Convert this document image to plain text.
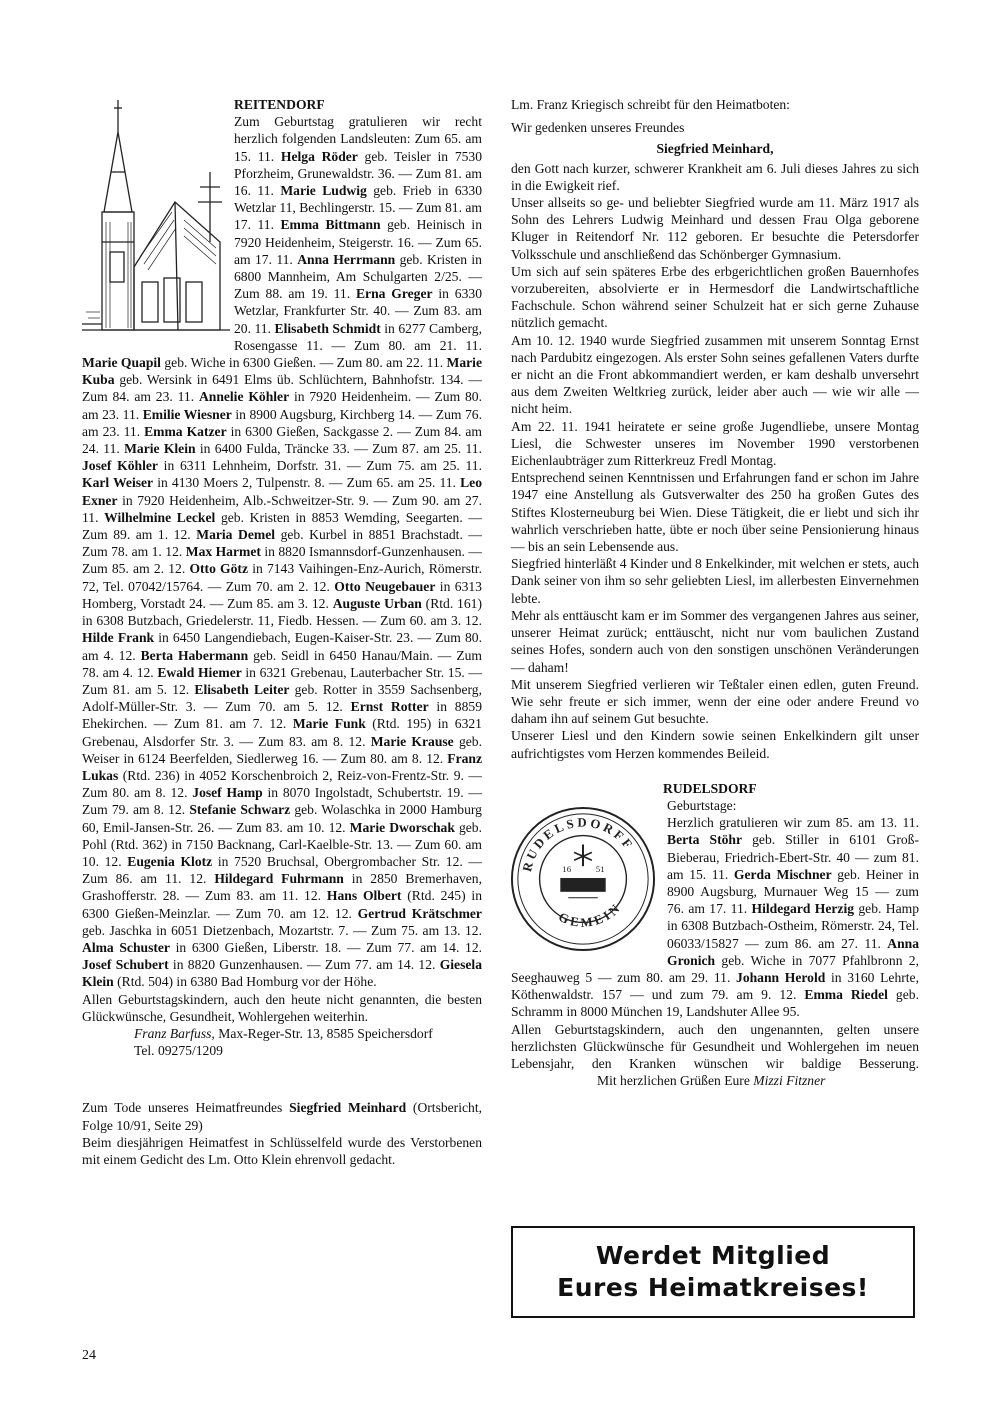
REITENDORF

Zum Geburtstag gratulieren wir recht herzlich folgenden Landsleuten: Zum 65. am 15. 11. Helga Röder geb. Teisler in 7530 Pforzheim, Grunewaldstr. 36. — Zum 81. am 16. 11. Marie Ludwig geb. Frieb in 6330 Wetzlar 11, Bechlingerstr. 15. — Zum 81. am 17. 11. Emma Bittmann geb. Heinisch in 7920 Heidenheim, Steigerstr. 16. — Zum 65. am 17. 11. Anna Herrmann geb. Kristen in 6800 Mannheim, Am Schulgarten 2/25. — Zum 88. am 19. 11. Erna Greger in 6330 Wetzlar, Frankfurter Str. 40. — Zum 83. am 20. 11. Elisabeth Schmidt in 6277 Camberg, Rosengasse 11. — Zum 80. am 21. 11. Marie Quapil geb. Wiche in 6300 Gießen. — Zum 80. am 22. 11. Marie Kuba geb. Wersink in 6491 Elms üb. Schlüchtern, Bahnhofstr. 134. — Zum 84. am 23. 11. Annelie Köhler in 7920 Heidenheim. — Zum 80. am 23. 11. Emilie Wiesner in 8900 Augsburg, Kirchberg 14. — Zum 76. am 23. 11. Emma Katzer in 6300 Gießen, Sackgasse 2. — Zum 84. am 24. 11. Marie Klein in 6400 Fulda, Tränckе 33. — Zum 87. am 25. 11. Josef Köhler in 6311 Lehnheim, Dorfstr. 31. — Zum 75. am 25. 11. Karl Weiser in 4130 Moers 2, Tulpenstr. 8. — Zum 65. am 25. 11. Leo Exner in 7920 Heidenheim, Alb.-Schweitzer-Str. 9. — Zum 90. am 27. 11. Wilhelmine Leckel geb. Kristen in 8853 Wemding, Seegarten. — Zum 89. am 1. 12. Maria Demel geb. Kurbel in 8851 Brachstadt. — Zum 78. am 1. 12. Max Harmet in 8820 Ismannsdorf-Gunzenhausen. — Zum 85. am 2. 12. Otto Götz in 7143 Vaihingen-Enz-Aurich, Römerstr. 72, Tel. 07042/15764. — Zum 70. am 2. 12. Otto Neugebauer in 6313 Homberg, Vorstadt 24. — Zum 85. am 3. 12. Auguste Urban (Rtd. 161) in 6308 Butzbach, Griedelerstr. 11, Fiedb. Hessen. — Zum 60. am 3. 12. Hilde Frank in 6450 Langendiebach, Eugen-Kaiser-Str. 23. — Zum 80. am 4. 12. Berta Habermann geb. Seidl in 6450 Hanau/Main. — Zum 78. am 4. 12. Ewald Hiemer in 6321 Grebenau, Lauterbacher Str. 15. — Zum 81. am 5. 12. Elisabeth Leiter geb. Rotter in 3559 Sachsenberg, Adolf-Müller-Str. 3. — Zum 70. am 5. 12. Ernst Rotter in 8859 Ehekirchen. — Zum 81. am 7. 12. Marie Funk (Rtd. 195) in 6321 Grebenau, Alsdorfer Str. 3. — Zum 83. am 8. 12. Marie Krause geb. Weiser in 6124 Beerfelden, Siedlerweg 16. — Zum 80. am 8. 12. Franz Lukas (Rtd. 236) in 4052 Korschenbroich 2, Reiz-von-Frentz-Str. 9. — Zum 80. am 8. 12. Josef Hamp in 8070 Ingolstadt, Schubertstr. 19. — Zum 79. am 8. 12. Stefanie Schwarz geb. Wolaschka in 2000 Hamburg 60, Emil-Jansen-Str. 26. — Zum 83. am 10. 12. Marie Dworschak geb. Pohl (Rtd. 362) in 7150 Backnang, Carl-Kaelble-Str. 13. — Zum 60. am 10. 12. Eugenia Klotz in 7520 Bruchsal, Obergrombacher Str. 12. — Zum 86. am 11. 12. Hildegard Fuhrmann in 2850 Bremerhaven, Grashofferstr. 28. — Zum 83. am 11. 12. Hans Olbert (Rtd. 245) in 6300 Gießen-Meinzlar. — Zum 70. am 12. 12. Gertrud Krätschmer geb. Jaschka in 6051 Dietzenbach, Mozartstr. 7. — Zum 75. am 13. 12. Alma Schuster in 6300 Gießen, Liberstr. 18. — Zum 77. am 14. 12. Josef Schubert in 8820 Gunzenhausen. — Zum 77. am 14. 12. Giesela Klein (Rtd. 504) in 6380 Bad Homburg vor der Höhe.

Allen Geburtstagskindern, auch den heute nicht genannten, die besten Glückwünsche, Gesundheit, Wohlergehen weiterhin.

Franz Barfuss, Max-Reger-Str. 13, 8585 Speichersdorf

Tel. 09275/1209

Zum Tode unseres Heimatfreundes Siegfried Meinhard (Ortsbericht, Folge 10/91, Seite 29)

Beim diesjährigen Heimatfest in Schlüsselfeld wurde des Verstorbenen mit einem Gedicht des Lm. Otto Klein ehrenvoll gedacht.

Lm. Franz Kriegisch schreibt für den Heimatboten:

Wir gedenken unseres Freundes

Siegfried Meinhard,

den Gott nach kurzer, schwerer Krankheit am 6. Juli dieses Jahres zu sich in die Ewigkeit rief.

Unser allseits so ge- und beliebter Siegfried wurde am 11. März 1917 als Sohn des Lehrers Ludwig Meinhard und dessen Frau Olga geborene Kluger in Reitendorf Nr. 112 geboren. Er besuchte die Petersdorfer Volksschule und anschließend das Schönberger Gymnasium.

Um sich auf sein späteres Erbe des erbgerichtlichen großen Bauernhofes vorzubereiten, absolvierte er in Hermesdorf die Landwirtschaftliche Fachschule. Schon während seiner Schulzeit hat er sich gerne Zuhause nützlich gemacht.

Am 10. 12. 1940 wurde Siegfried zusammen mit unserem Sonntag Ernst nach Pardubitz eingezogen. Als erster Sohn seines gefallenen Vaters durfte er nicht an die Front abkommandiert werden, er kam deshalb unversehrt aus dem Zweiten Weltkrieg zurück, leider aber auch — wie wir alle — nicht heim.

Am 22. 11. 1941 heiratete er seine große Jugendliebe, unsere Montag Liesl, die Schwester unseres im November 1990 verstorbenen Eichenlaubträger zum Ritterkreuz Fredl Montag.

Entsprechend seinen Kenntnissen und Erfahrungen fand er schon im Jahre 1947 eine Anstellung als Gutsverwalter des 250 ha großen Gutes des Stiftes Klosterneuburg bei Wien. Diese Tätigkeit, die er liebt und sich ihr wahrlich verschrieben hatte, übte er noch über seine Pensionierung hinaus — bis an sein Lebensende aus.

Siegfried hinterläßt 4 Kinder und 8 Enkelkinder, mit welchen er stets, auch Dank seiner von ihm so sehr geliebten Liesl, im allerbesten Einvernehmen lebte.

Mehr als enttäuscht kam er im Sommer des vergangenen Jahres aus seiner, unserer Heimat zurück; enttäuscht, nicht nur vom baulichen Zustand seines Hofes, sondern auch von den sonstigen unschönen Veränderungen — daham!

Mit unserem Siegfried verlieren wir Teßtaler einen edlen, guten Freund. Wie sehr freute er sich immer, wenn der eine oder andere Freund vo daham ihn auf seinem Gut besuchte.

Unserer Liesl und den Kindern sowie seinen Enkelkindern gilt unser aufrichtigstes vom Herzen kommendes Beileid.

RUDELSDORF

RUDELSDORFF
GEMEIN
16	51

Geburtstage:

Herzlich gratulieren wir zum 85. am 13. 11. Berta Stöhr geb. Stiller in 6101 Groß-Bieberau, Friedrich-Ebert-Str. 40 — zum 81. am 15. 11. Gerda Mischner geb. Heiner in 8900 Augsburg, Murnauer Weg 15 — zum 76. am 17. 11. Hildegard Herzig geb. Hamp in 6308 Butzbach-Ostheim, Römerstr. 24, Tel. 06033/15827 — zum 86. am 27. 11. Anna Gronich geb. Wiche in 7077 Pfahlbronn 2, Seeghauweg 5 — zum 80. am 29. 11. Johann Herold in 3160 Lehrte, Köthenwaldstr. 157 — und zum 79. am 9. 12. Emma Riedel geb. Schramm in 8000 München 19, Landshuter Allee 95.

Allen Geburtstagskindern, auch den ungenannten, gelten unsere herzlichsten Glückwünsche für Gesundheit und Wohlergehen im neuen Lebensjahr, den Kranken wünschen wir baldige Besserung. Mit herzlichen Grüßen Eure Mizzi Fitzner

Werdet Mitglied
Eures Heimatkreises!
24
